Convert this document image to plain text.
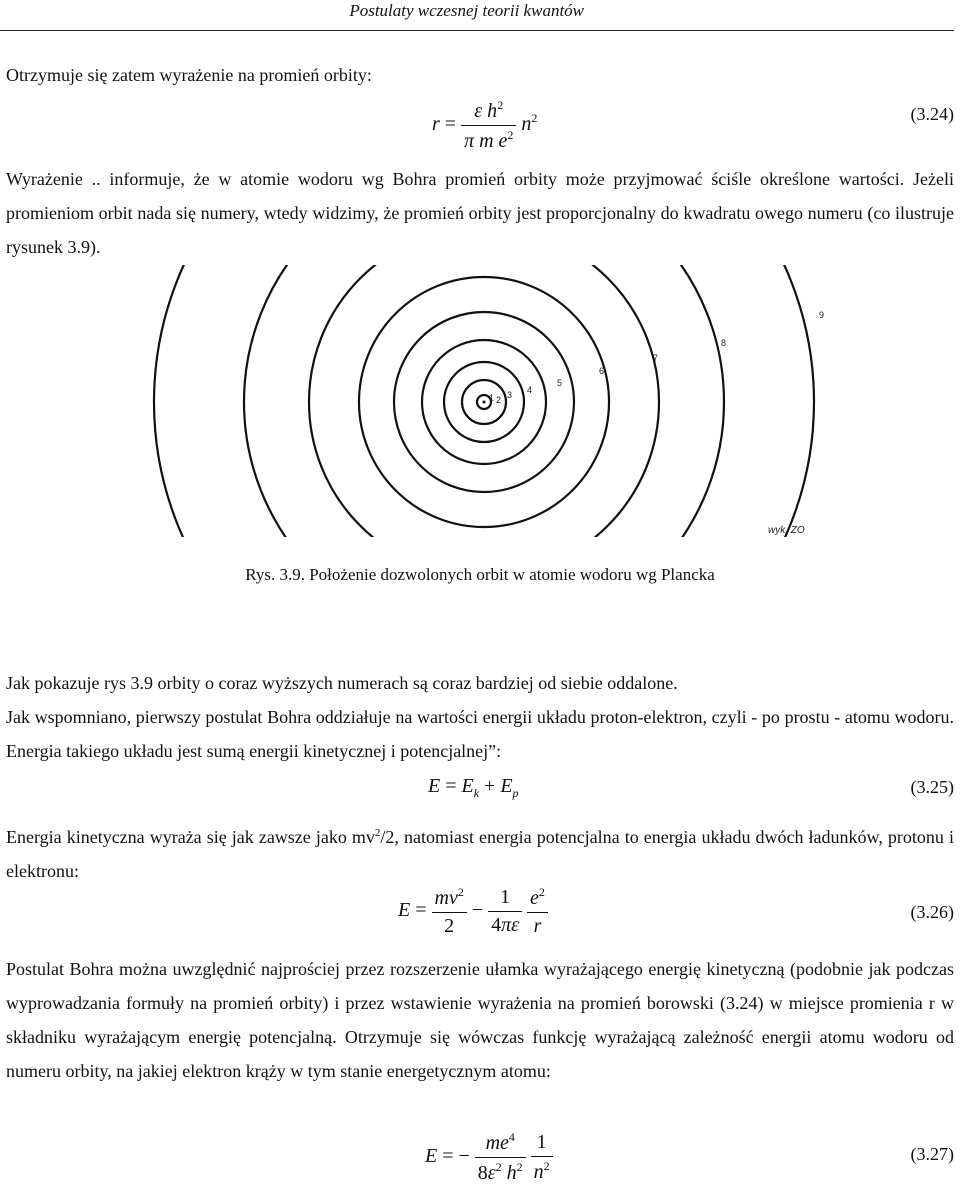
Postulaty wczesnej teorii kwantów

Otrzymuje się zatem wyrażenie na promień orbity:

$r = \frac{\varepsilon h^2}{\pi m e^2} n^2$	(3.24)

Wyrażenie .. informuje, że w atomie wodoru wg Bohra promień orbity może przyjmować ściśle określone wartości. Jeżeli promieniom orbit nada się numery, wtedy widzimy, że promień orbity jest proporcjonalny do kwadratu owego numeru (co ilustruje rysunek 3.9).

1 2 3 4
5
6
7
8
9
wyk. ZO
Rys. 3.9. Położenie dozwolonych orbit w atomie wodoru wg Plancka

Jak pokazuje rys 3.9 orbity o coraz wyższych numerach są coraz bardziej od siebie oddalone.

Jak wspomniano, pierwszy postulat Bohra oddziałuje na wartości energii układu proton-elektron, czyli - po prostu - atomu wodoru. Energia takiego układu jest sumą energii kinetycznej i potencjalnej”:

$E = E_k + E_p$	(3.25)

Energia kinetyczna wyraża się jak zawsze jako $mv^2/2$, natomiast energia potencjalna to energia układu dwóch ładunków, protonu i elektronu:

$E = \frac{mv^2}{2} - \frac{1}{4\pi\varepsilon}$
$\frac{e^2}{r}$	(3.26)

Postulat Bohra można uwzględnić najprościej przez rozszerzenie ułamka wyrażającego energię kinetyczną (podobnie jak podczas wyprowadzania formuły na promień orbity) i przez wstawienie wyrażenia na promień borowski (3.24) w miejsce promienia r w składniku wyrażającym energię potencjalną. Otrzymuje się wówczas funkcję wyrażającą zależność energii atomu wodoru od numeru orbity, na jakiej elektron krąży w tym stanie energetycznym atomu:

E = − $\frac{me^4}{8\varepsilon^2 h^2}$
$\frac{1}{n^2}$	(3.27)
